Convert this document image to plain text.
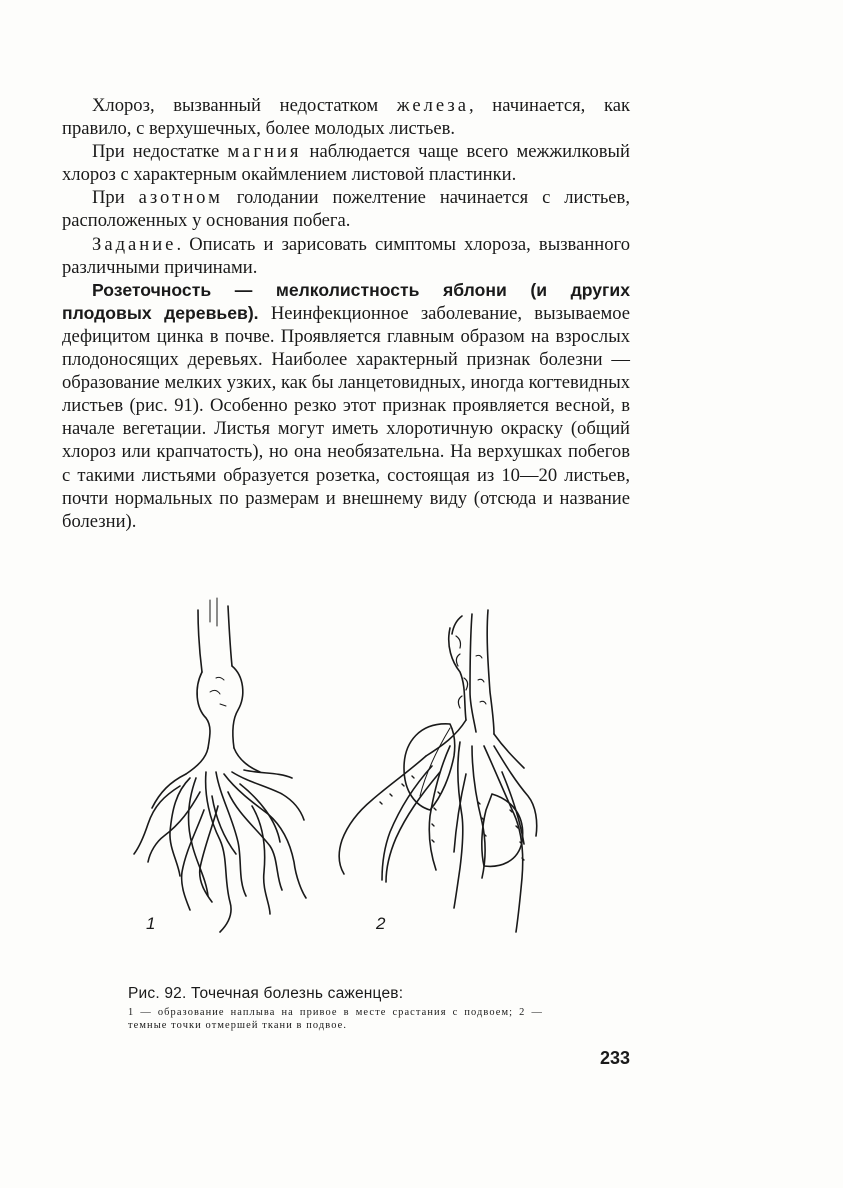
Хлороз, вызванный недостатком железа, начинается, как правило, с верхушечных, более молодых листьев.

При недостатке магния наблюдается чаще всего межжилковый хлороз с характерным окаймлением листовой пластинки.

При азотном голодании пожелтение начинается с листьев, расположенных у основания побега.

Задание. Описать и зарисовать симптомы хлороза, вызванного различными причинами.

Розеточность — мелколистность яблони (и других плодовых деревьев). Неинфекционное заболевание, вызываемое дефицитом цинка в почве. Проявляется главным образом на взрослых плодоносящих деревьях. Наиболее характерный признак болезни — образование мелких узких, как бы ланцетовидных, иногда когтевидных листьев (рис. 91). Особенно резко этот признак проявляется весной, в начале вегетации. Листья могут иметь хлоротичную окраску (общий хлороз или крапчатость), но она необязательна. На верхушках побегов с такими листьями образуется розетка, состоящая из 10—20 листьев, почти нормальных по размерам и внешнему виду (отсюда и название болезни).

1	2
Рис. 92. Точечная болезнь саженцев:
1 — образование наплыва на привое в месте срастания с подвоем; 2 — темные точки отмершей ткани в подвое.
233
